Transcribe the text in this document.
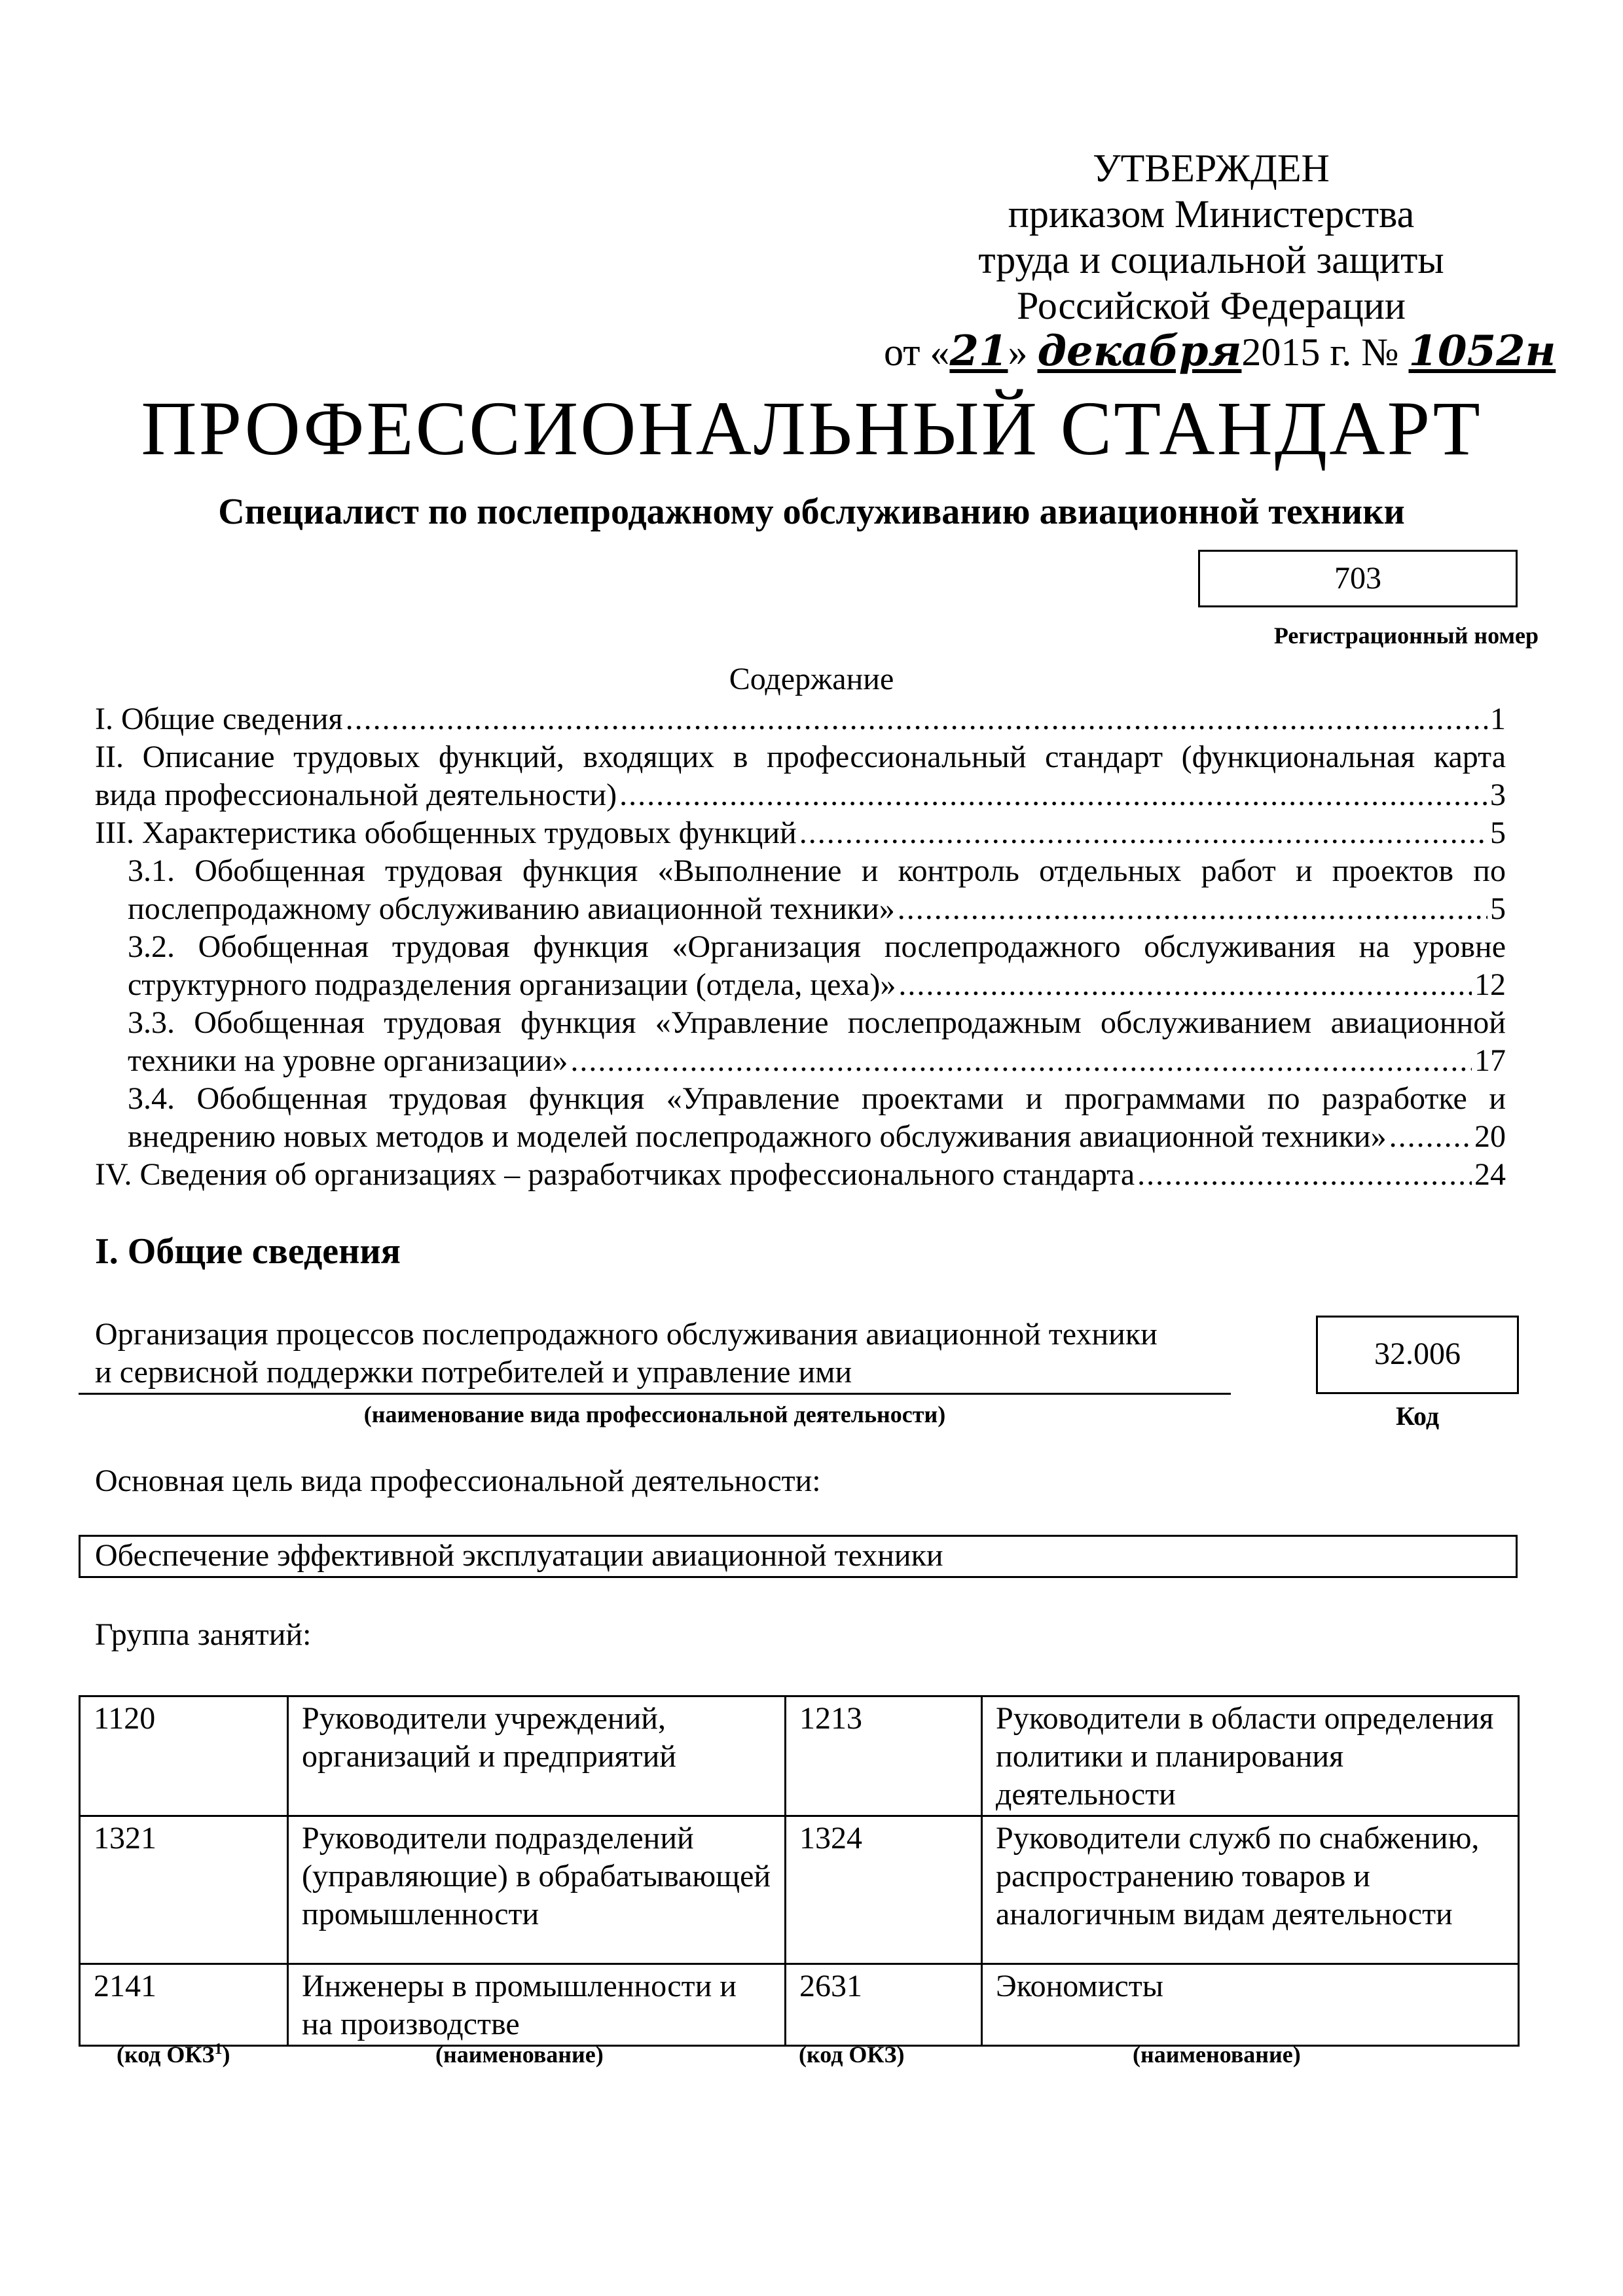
УТВЕРЖДЕН
приказом Министерства
труда и социальной защиты
Российской Федерации
от «21» декабря2015 г. № 1052н
ПРОФЕССИОНАЛЬНЫЙ СТАНДАРТ
Специалист по послепродажному обслуживанию авиационной техники
703
Регистрационный номер
Содержание
I. Общие сведения .....	1
II. Описание трудовых функций, входящих в профессиональный стандарт (функциональная карта
вида профессиональной деятельности) .....	3
III. Характеристика обобщенных трудовых функций .....	5
3.1. Обобщенная трудовая функция «Выполнение и контроль отдельных работ и проектов по
послепродажному обслуживанию авиационной техники» .....	5
3.2. Обобщенная трудовая функция «Организация послепродажного обслуживания на уровне
структурного подразделения организации (отдела, цеха)» .....	12
3.3. Обобщенная трудовая функция «Управление послепродажным обслуживанием авиационной
техники на уровне организации» .....	17
3.4. Обобщенная трудовая функция «Управление проектами и программами по разработке и
внедрению новых методов и моделей послепродажного обслуживания авиационной техники» .....	20
IV. Сведения об организациях – разработчиках профессионального стандарта .....	24
I. Общие сведения
Организация процессов послепродажного обслуживания авиационной техники
и сервисной поддержки потребителей и управление ими
(наименование вида профессиональной деятельности)
32.006
Код
Основная цель вида профессиональной деятельности:
Обеспечение эффективной эксплуатации авиационной техники
Группа занятий:
1120	Руководители учреждений, организаций и предприятий	1213	Руководители в области определения политики и планирования деятельности
1321	Руководители подразделений (управляющие) в обрабатывающей промышленности	1324	Руководители служб по снабжению, распространению товаров и аналогичным видам деятельности
2141	Инженеры в промышленности и на производстве	2631	Экономисты
(код ОКЗ$^1$)	(наименование)	(код ОКЗ)	(наименование)
